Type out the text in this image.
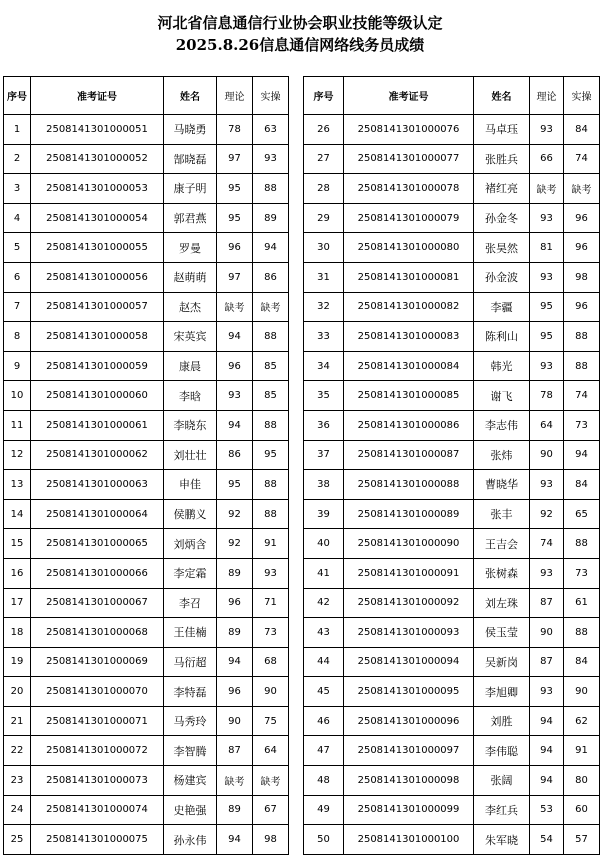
河北省信息通信行业协会职业技能等级认定
2025.8.26信息通信网络线务员成绩
序号	准考证号	姓名	理论	实操
1	2508141301000051	马晓勇	78	63
2	2508141301000052	郜晓磊	97	93
3	2508141301000053	康子明	95	88
4	2508141301000054	郭君燕	95	89
5	2508141301000055	罗曼	96	94
6	2508141301000056	赵萌萌	97	86
7	2508141301000057	赵杰	缺考	缺考
8	2508141301000058	宋英宾	94	88
9	2508141301000059	康晨	96	85
10	2508141301000060	李晗	93	85
11	2508141301000061	李晓东	94	88
12	2508141301000062	刘壮壮	86	95
13	2508141301000063	申佳	95	88
14	2508141301000064	侯鹏义	92	88
15	2508141301000065	刘炳含	92	91
16	2508141301000066	李定霜	89	93
17	2508141301000067	李召	96	71
18	2508141301000068	王佳楠	89	73
19	2508141301000069	马衍超	94	68
20	2508141301000070	李特磊	96	90
21	2508141301000071	马秀玲	90	75
22	2508141301000072	李智腾	87	64
23	2508141301000073	杨建宾	缺考	缺考
24	2508141301000074	史艳强	89	67
25	2508141301000075	孙永伟	94	98
序号	准考证号	姓名	理论	实操
26	2508141301000076	马卓珏	93	84
27	2508141301000077	张胜兵	66	74
28	2508141301000078	褚红亮	缺考	缺考
29	2508141301000079	孙金冬	93	96
30	2508141301000080	张昊然	81	96
31	2508141301000081	孙金波	93	98
32	2508141301000082	李疆	95	96
33	2508141301000083	陈利山	95	88
34	2508141301000084	韩光	93	88
35	2508141301000085	谢飞	78	74
36	2508141301000086	李志伟	64	73
37	2508141301000087	张炜	90	94
38	2508141301000088	曹晓华	93	84
39	2508141301000089	张丰	92	65
40	2508141301000090	王吉会	74	88
41	2508141301000091	张树森	93	73
42	2508141301000092	刘左珠	87	61
43	2508141301000093	侯玉莹	90	88
44	2508141301000094	吴新岗	87	84
45	2508141301000095	李旭卿	93	90
46	2508141301000096	刘胜	94	62
47	2508141301000097	李伟聪	94	91
48	2508141301000098	张阔	94	80
49	2508141301000099	李红兵	53	60
50	2508141301000100	朱军晓	54	57
